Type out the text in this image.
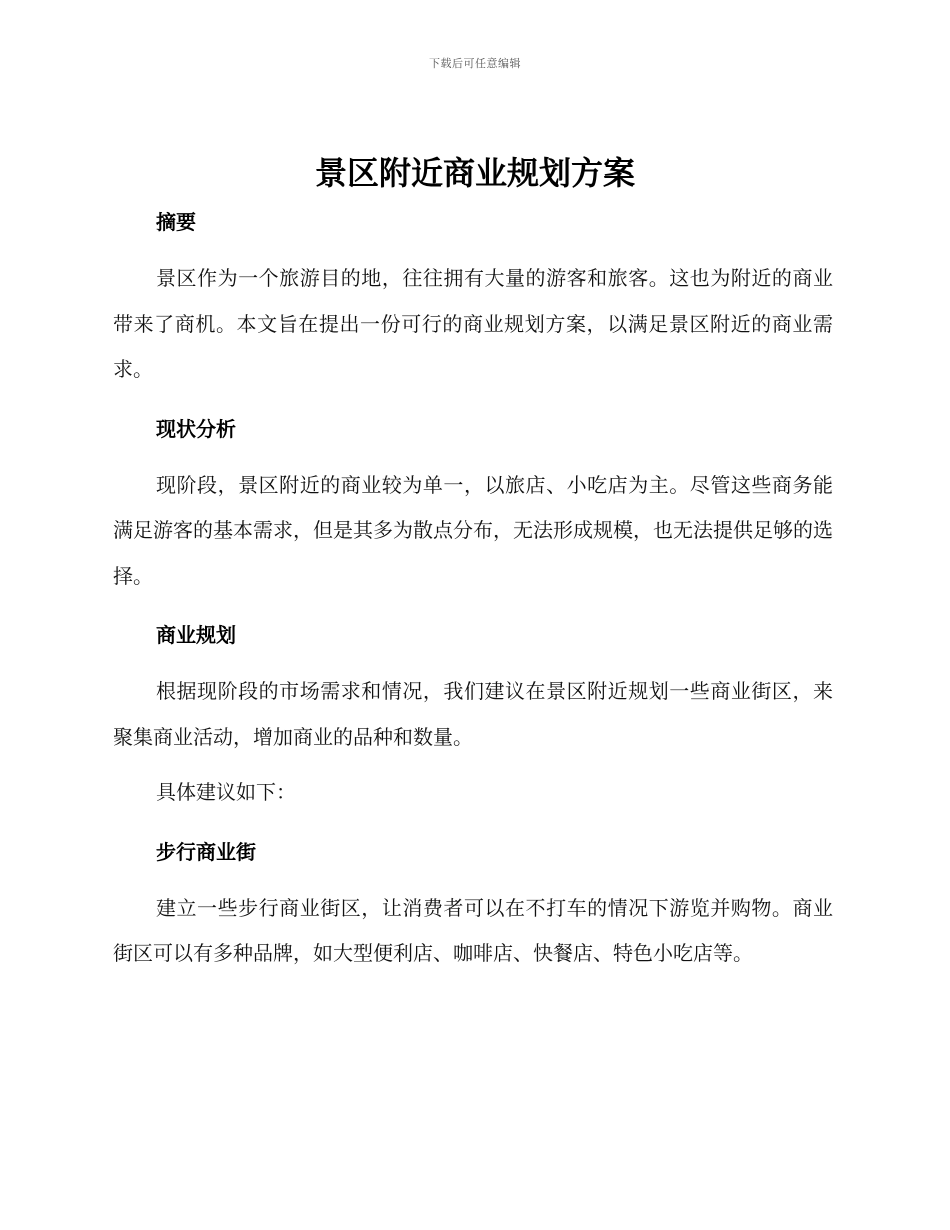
下载后可任意编辑
景区附近商业规划方案
摘要

景区作为一个旅游目的地，往往拥有大量的游客和旅客。这也为附近的商业带来了商机。本文旨在提出一份可行的商业规划方案，以满足景区附近的商业需求。

现状分析

现阶段，景区附近的商业较为单一，以旅店、小吃店为主。尽管这些商务能满足游客的基本需求，但是其多为散点分布，无法形成规模，也无法提供足够的选择。

商业规划

根据现阶段的市场需求和情况，我们建议在景区附近规划一些商业街区，来聚集商业活动，增加商业的品种和数量。

具体建议如下：

步行商业街

建立一些步行商业街区，让消费者可以在不打车的情况下游览并购物。商业街区可以有多种品牌，如大型便利店、咖啡店、快餐店、特色小吃店等。
